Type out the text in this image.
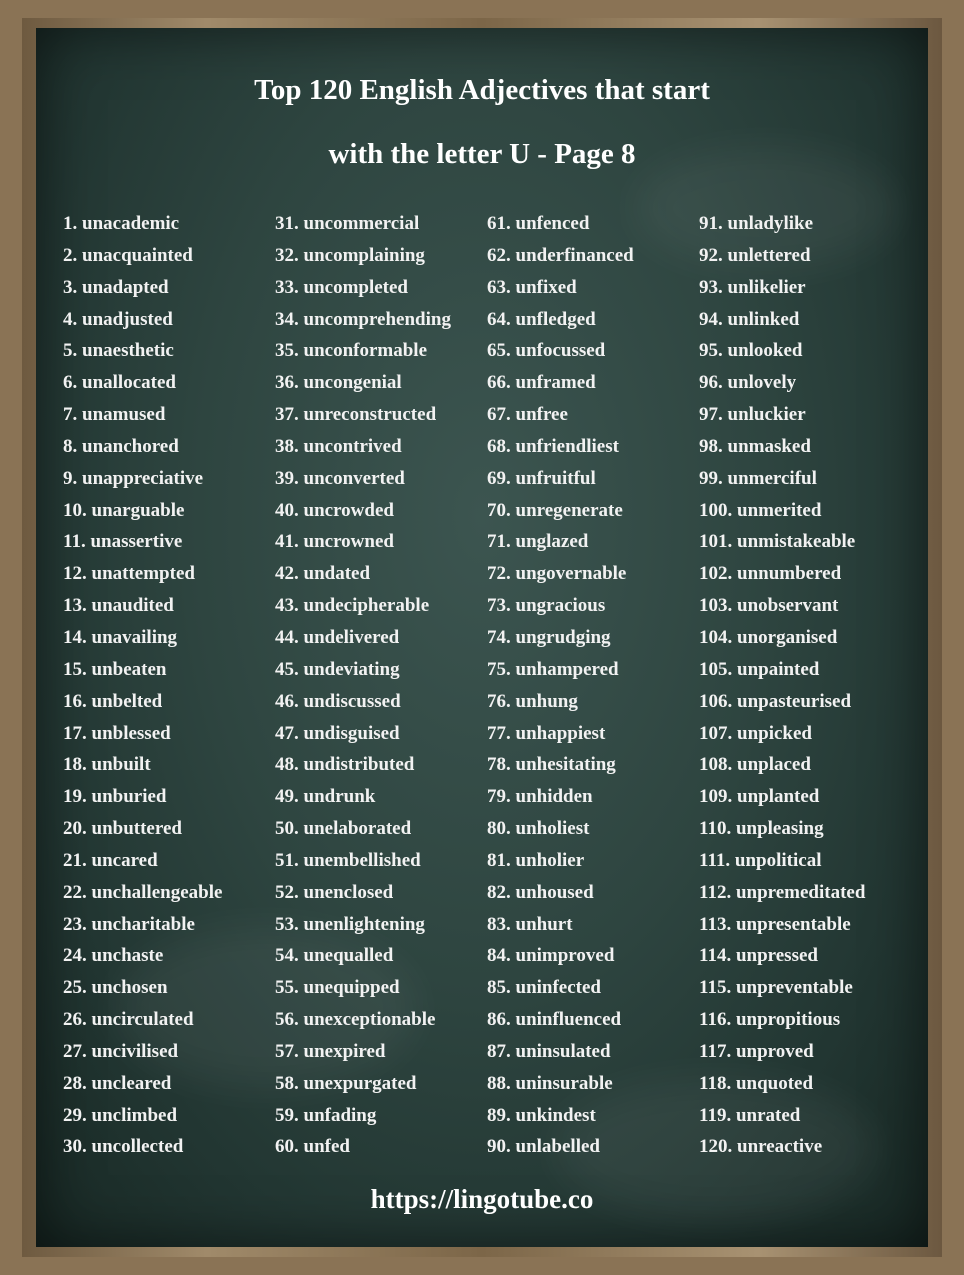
Top 120 English Adjectives that start
with the letter U - Page 8
1. unacademic
2. unacquainted
3. unadapted
4. unadjusted
5. unaesthetic
6. unallocated
7. unamused
8. unanchored
9. unappreciative
10. unarguable
11. unassertive
12. unattempted
13. unaudited
14. unavailing
15. unbeaten
16. unbelted
17. unblessed
18. unbuilt
19. unburied
20. unbuttered
21. uncared
22. unchallengeable
23. uncharitable
24. unchaste
25. unchosen
26. uncirculated
27. uncivilised
28. uncleared
29. unclimbed
30. uncollected
31. uncommercial
32. uncomplaining
33. uncompleted
34. uncomprehending
35. unconformable
36. uncongenial
37. unreconstructed
38. uncontrived
39. unconverted
40. uncrowded
41. uncrowned
42. undated
43. undecipherable
44. undelivered
45. undeviating
46. undiscussed
47. undisguised
48. undistributed
49. undrunk
50. unelaborated
51. unembellished
52. unenclosed
53. unenlightening
54. unequalled
55. unequipped
56. unexceptionable
57. unexpired
58. unexpurgated
59. unfading
60. unfed
61. unfenced
62. underfinanced
63. unfixed
64. unfledged
65. unfocussed
66. unframed
67. unfree
68. unfriendliest
69. unfruitful
70. unregenerate
71. unglazed
72. ungovernable
73. ungracious
74. ungrudging
75. unhampered
76. unhung
77. unhappiest
78. unhesitating
79. unhidden
80. unholiest
81. unholier
82. unhoused
83. unhurt
84. unimproved
85. uninfected
86. uninfluenced
87. uninsulated
88. uninsurable
89. unkindest
90. unlabelled
91. unladylike
92. unlettered
93. unlikelier
94. unlinked
95. unlooked
96. unlovely
97. unluckier
98. unmasked
99. unmerciful
100. unmerited
101. unmistakeable
102. unnumbered
103. unobservant
104. unorganised
105. unpainted
106. unpasteurised
107. unpicked
108. unplaced
109. unplanted
110. unpleasing
111. unpolitical
112. unpremeditated
113. unpresentable
114. unpressed
115. unpreventable
116. unpropitious
117. unproved
118. unquoted
119. unrated
120. unreactive
https://lingotube.co
